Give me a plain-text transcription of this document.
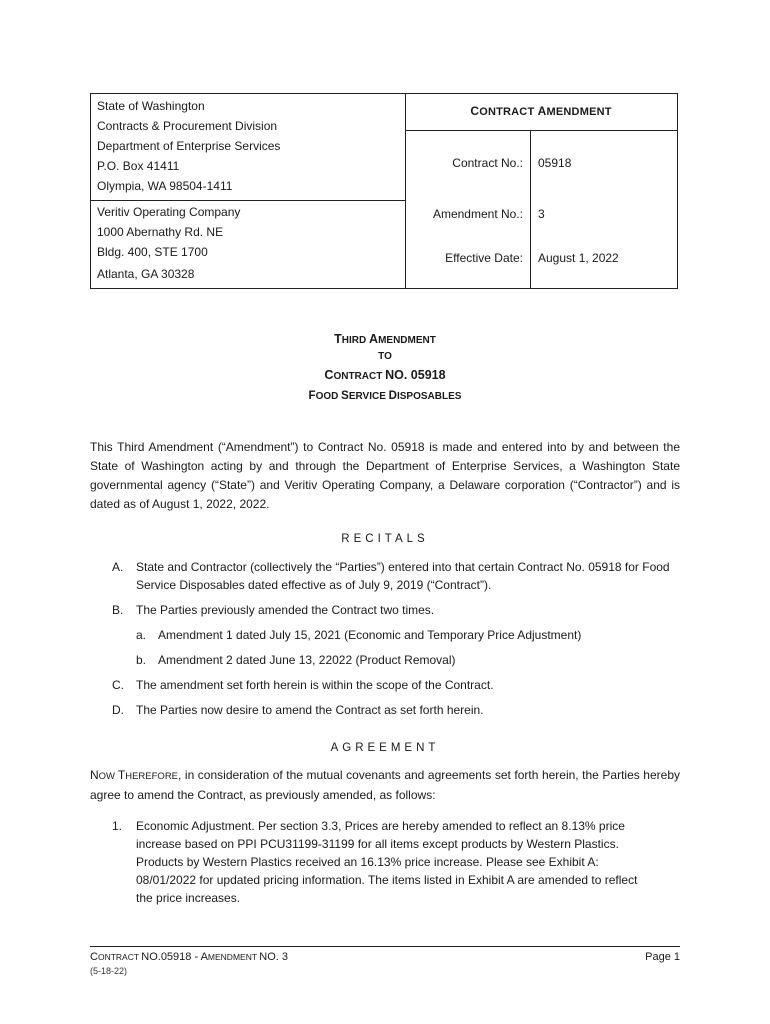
State of Washington
Contracts & Procurement Division
Department of Enterprise Services
P.O. Box 41411
Olympia, WA 98504-1411
Veritiv Operating Company
1000 Abernathy Rd. NE
Bldg. 400, STE 1700
Atlanta, GA 30328
CONTRACT AMENDMENT
Contract No.: 05918
Amendment No.: 3
Effective Date: August 1, 2022
THIRD AMENDMENT
TO
CONTRACT NO. 05918
FOOD SERVICE DISPOSABLES
This Third Amendment (“Amendment”) to Contract No. 05918 is made and entered into by and between the State of Washington acting by and through the Department of Enterprise Services, a Washington State governmental agency (“State”) and Veritiv Operating Company, a Delaware corporation (“Contractor”) and is dated as of August 1, 2022, 2022.
RECITALS
A. State and Contractor (collectively the “Parties”) entered into that certain Contract No. 05918 for Food Service Disposables dated effective as of July 9, 2019 (“Contract”).
B. The Parties previously amended the Contract two times.
a. Amendment 1 dated July 15, 2021 (Economic and Temporary Price Adjustment)
b. Amendment 2 dated June 13, 22022 (Product Removal)
C. The amendment set forth herein is within the scope of the Contract.
D. The Parties now desire to amend the Contract as set forth herein.
AGREEMENT
NOW THEREFORE, in consideration of the mutual covenants and agreements set forth herein, the Parties hereby agree to amend the Contract, as previously amended, as follows:
1. Economic Adjustment. Per section 3.3, Prices are hereby amended to reflect an 8.13% price increase based on PPI PCU31199-31199 for all items except products by Western Plastics. Products by Western Plastics received an 16.13% price increase. Please see Exhibit A: 08/01/2022 for updated pricing information. The items listed in Exhibit A are amended to reflect the price increases.
CONTRACT NO.05918 - AMENDMENT NO. 3
(5-18-22)
Page 1
